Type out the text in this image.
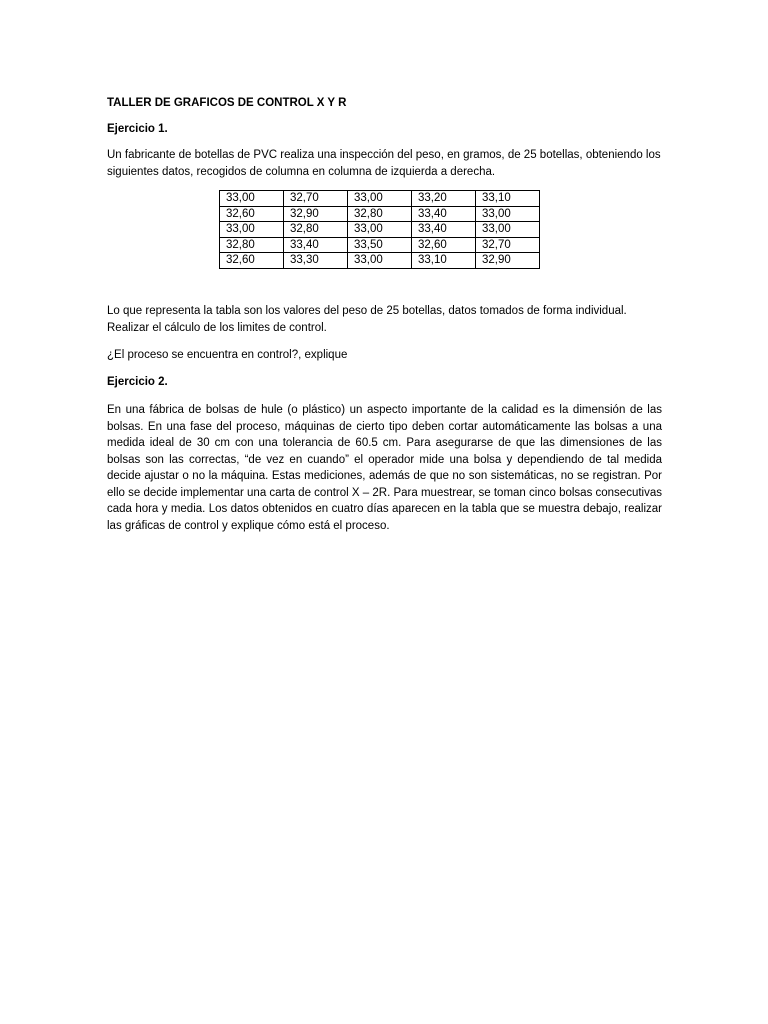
TALLER DE GRAFICOS DE CONTROL X Y R

Ejercicio 1.

Un fabricante de botellas de PVC realiza una inspección del peso, en gramos, de 25 botellas, obteniendo los siguientes datos, recogidos de columna en columna de izquierda a derecha.

33,00	32,70	33,00	33,20	33,10
32,60	32,90	32,80	33,40	33,00
33,00	32,80	33,00	33,40	33,00
32,80	33,40	33,50	32,60	32,70
32,60	33,30	33,00	33,10	32,90

Lo que representa la tabla son los valores del peso de 25 botellas, datos tomados de forma individual.

Realizar el cálculo de los limites de control.

¿El proceso se encuentra en control?, explique

Ejercicio 2.

En una fábrica de bolsas de hule (o plástico) un aspecto importante de la calidad es la dimensión de las bolsas. En una fase del proceso, máquinas de cierto tipo deben cortar automáticamente las bolsas a una medida ideal de 30 cm con una tolerancia de 60.5 cm. Para asegurarse de que las dimensiones de las bolsas son las correctas, “de vez en cuando” el operador mide una bolsa y dependiendo de tal medida decide ajustar o no la máquina. Estas mediciones, además de que no son sistemáticas, no se registran. Por ello se decide implementar una carta de control X – 2R. Para muestrear, se toman cinco bolsas consecutivas cada hora y media. Los datos obtenidos en cuatro días aparecen en la tabla que se muestra debajo, realizar las gráficas de control y explique cómo está el proceso.
